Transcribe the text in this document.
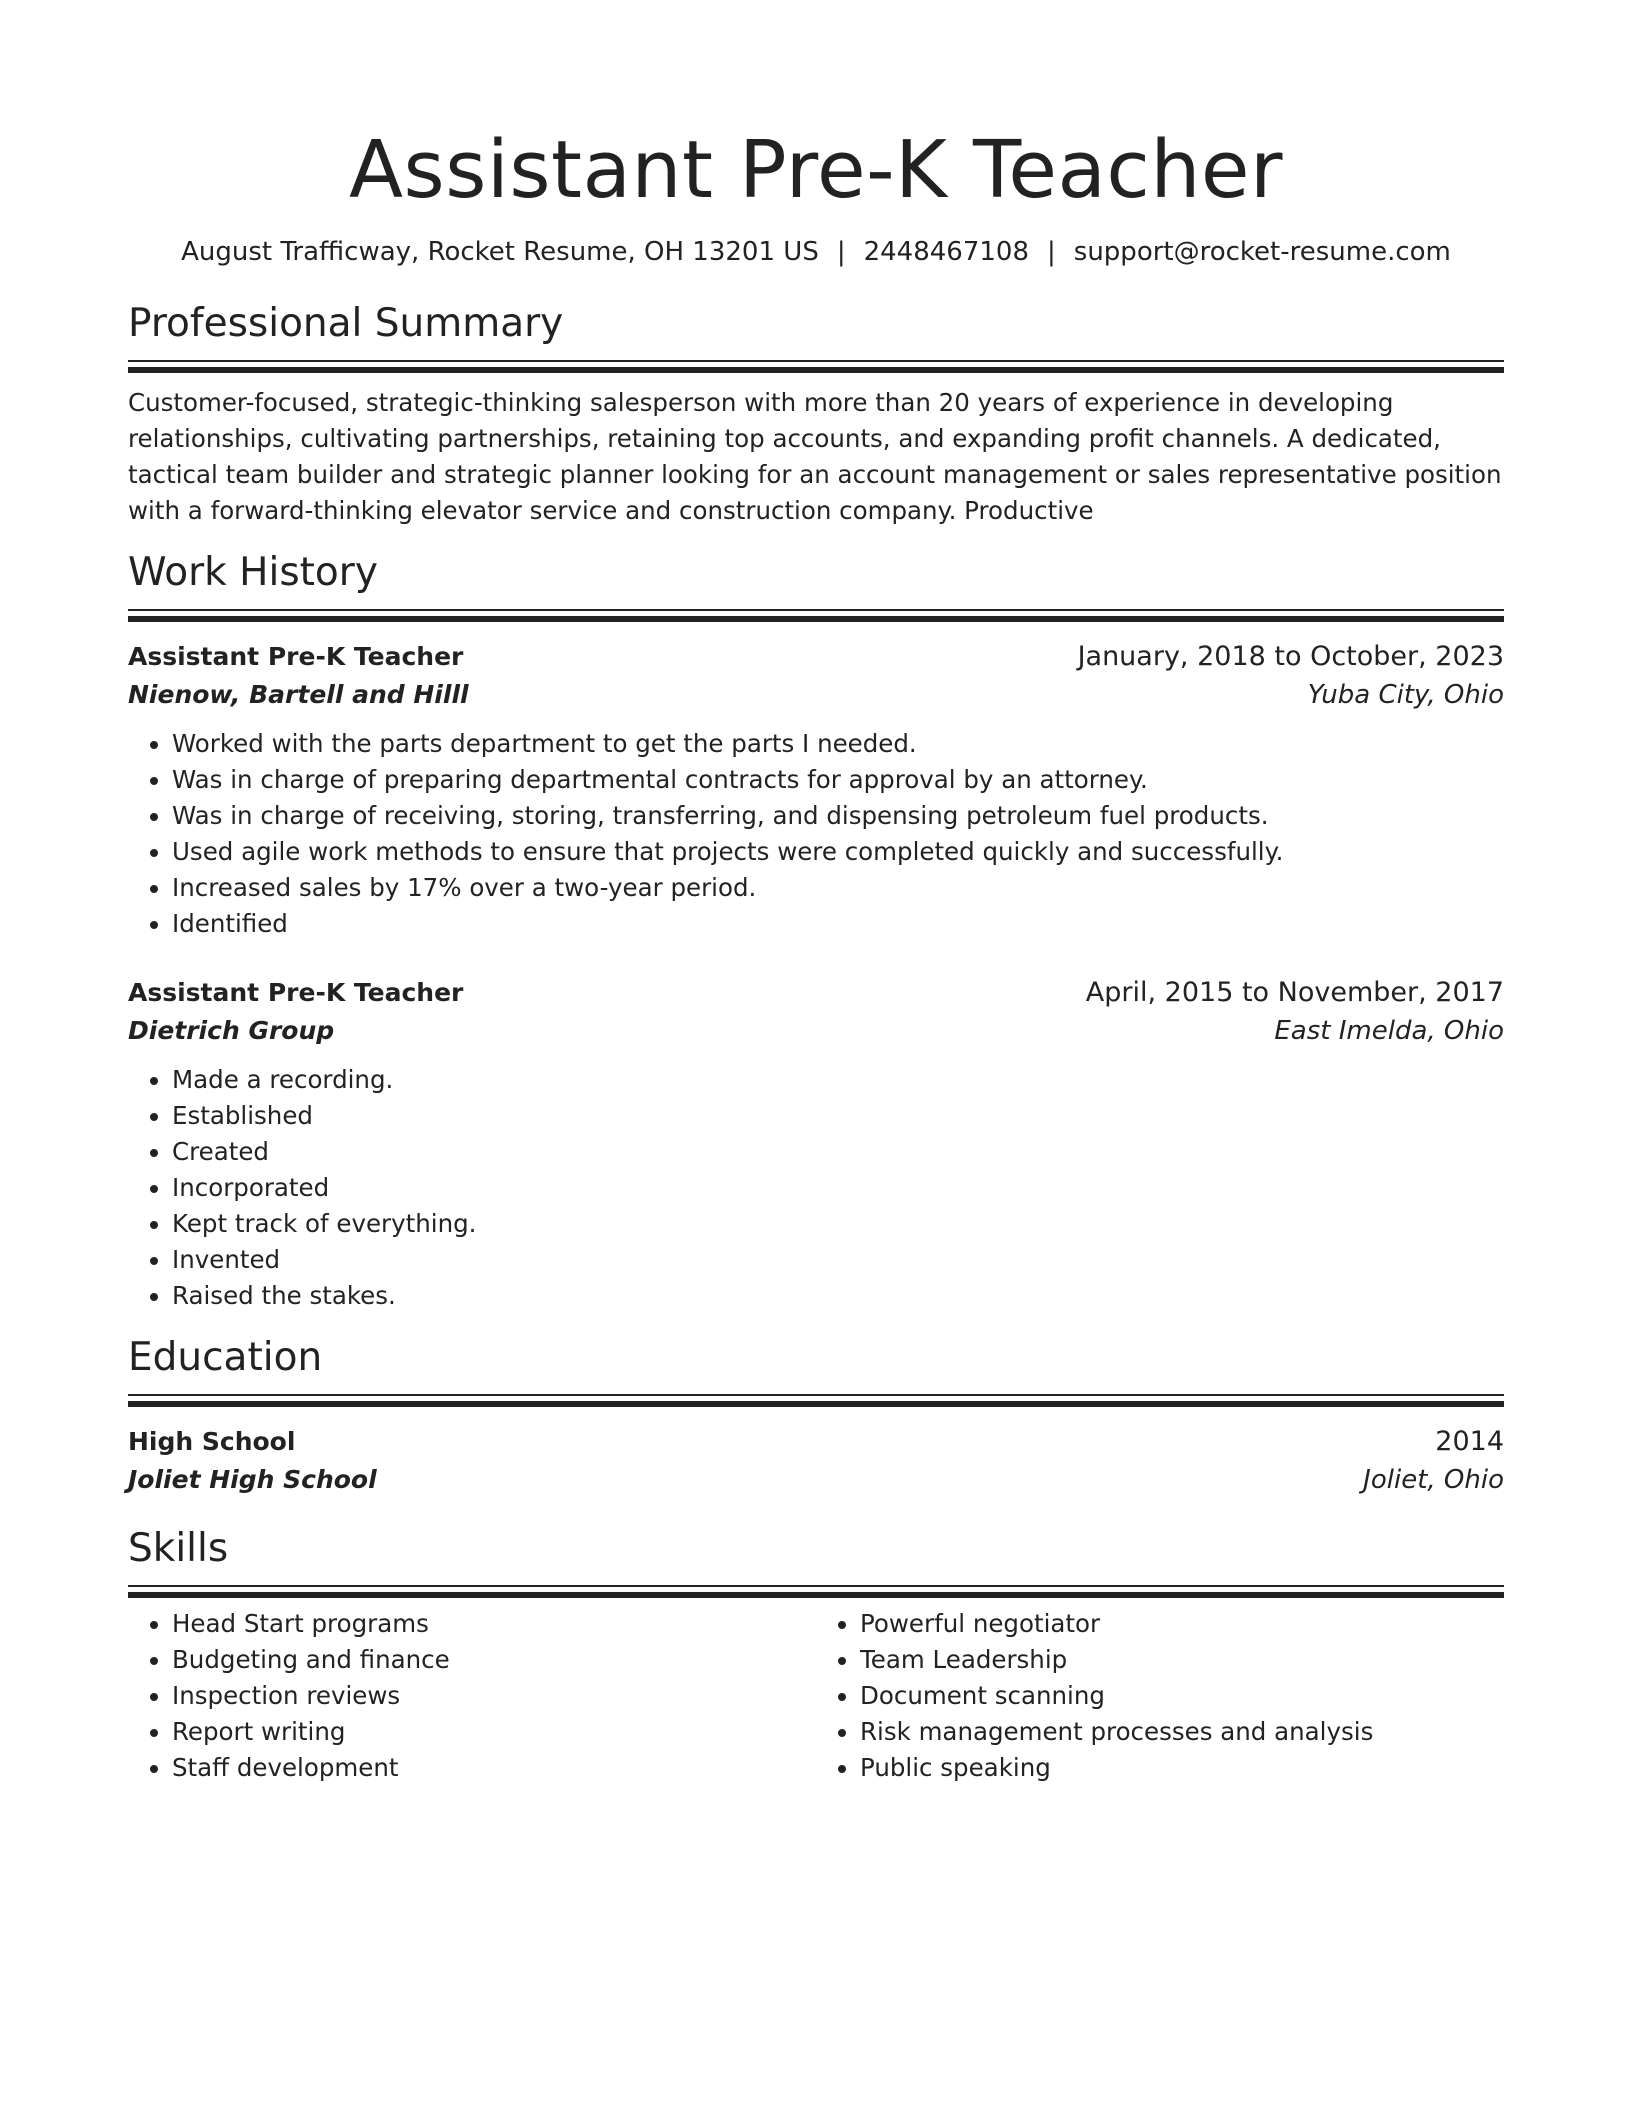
Assistant Pre-K Teacher
August Trafficway, Rocket Resume, OH 13201 US | 2448467108 | support@rocket-resume.com
Professional Summary
Customer-focused, strategic-thinking salesperson with more than 20 years of experience in developing relationships, cultivating partnerships, retaining top accounts, and expanding profit channels. A dedicated, tactical team builder and strategic planner looking for an account management or sales representative position with a forward-thinking elevator service and construction company. Productive
Work History
Assistant Pre-K Teacher	January, 2018 to October, 2023
Nienow, Bartell and Hilll	Yuba City, Ohio
• Worked with the parts department to get the parts I needed.
• Was in charge of preparing departmental contracts for approval by an attorney.
• Was in charge of receiving, storing, transferring, and dispensing petroleum fuel products.
• Used agile work methods to ensure that projects were completed quickly and successfully.
• Increased sales by 17% over a two-year period.
• Identified
Assistant Pre-K Teacher	April, 2015 to November, 2017
Dietrich Group	East Imelda, Ohio
• Made a recording.
• Established
• Created
• Incorporated
• Kept track of everything.
• Invented
• Raised the stakes.
Education
High School	2014
Joliet High School	Joliet, Ohio
Skills
• Head Start programs
• Budgeting and finance
• Inspection reviews
• Report writing
• Staff development
• Powerful negotiator
• Team Leadership
• Document scanning
• Risk management processes and analysis
• Public speaking
